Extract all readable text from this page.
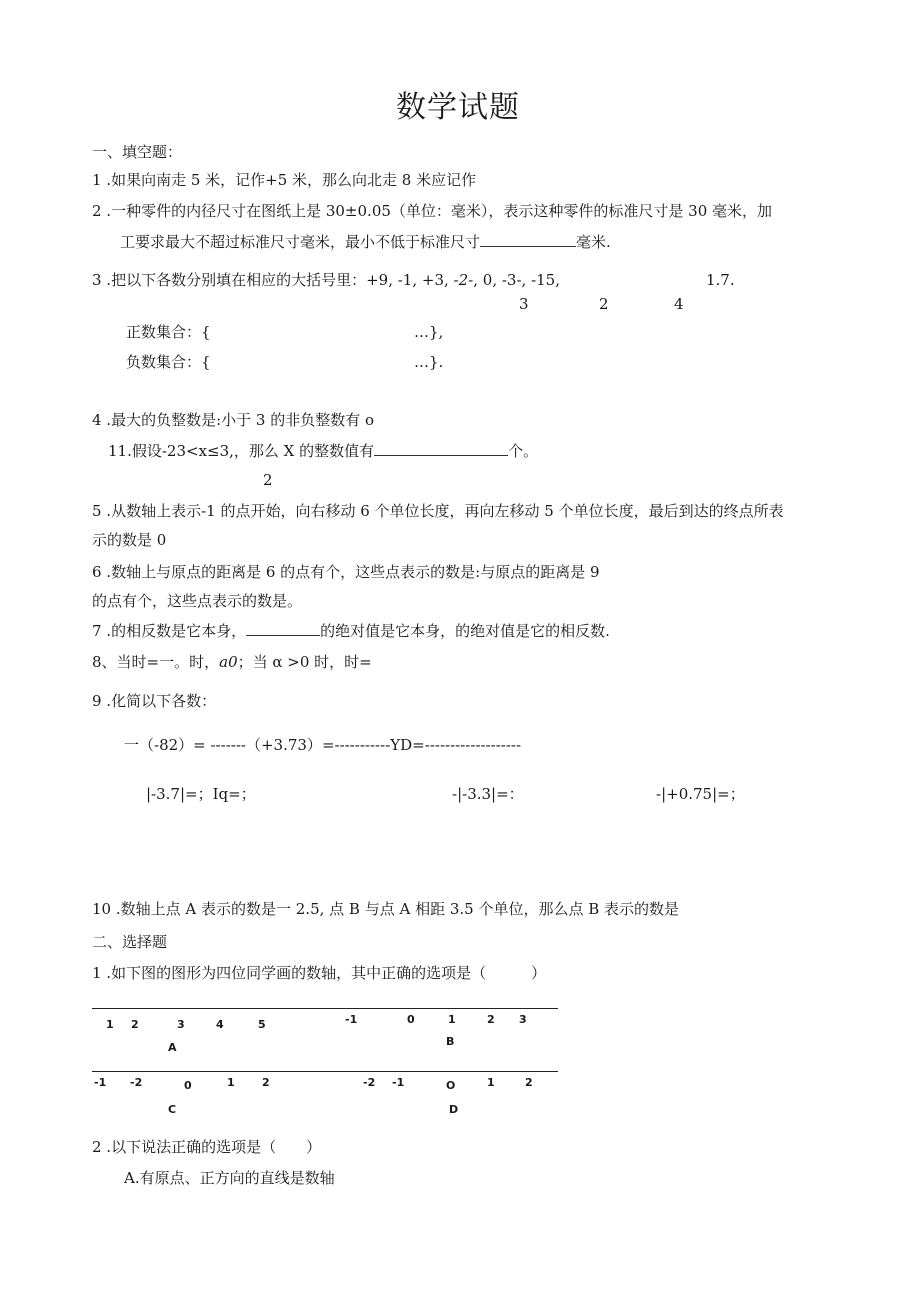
数学试题
一、填空题：
1 .如果向南走 5 米，记作+5 米，那么向北走 8 米应记作
2 .一种零件的内径尺寸在图纸上是 30±0.05（单位：毫米），表示这种零件的标准尺寸是 30 毫米，加
工要求最大不超过标准尺寸毫米，最小不低于标准尺寸	毫米.
3 .把以下各数分别填在相应的大括号里：+9, -1, +3, -2-, 0, -3-, -15,	1.7.
3	2	4
正数集合：{	…},
负数集合：{	…}.
4 .最大的负整数是:小于 3 的非负整数有 o
11.假设-23<x≤3,，那么 X 的整数值有	个。
2
5 .从数轴上表示-1 的点开始，向右移动 6 个单位长度，再向左移动 5 个单位长度，最后到达的终点所表
示的数是 0
6 .数轴上与原点的距离是 6 的点有个，这些点表示的数是:与原点的距离是 9
的点有个，这些点表示的数是。
7 .的相反数是它本身，	的绝对值是它本身，的绝对值是它的相反数.
8、当时=一。时，a0；当 α >0 时，时=
9 .化简以下各数：
一（-82）= -------（+3.73）=-----------YD=-------------------
|-3.7|=；Iq=；	-|-3.3|=：	-|+0.75|=；
10 .数轴上点 A 表示的数是一 2.5, 点 B 与点 A 相距 3.5 个单位，那么点 B 表示的数是
二、选择题
1 .如下图的图形为四位同学画的数轴，其中正确的选项是（　　　）
1 2	3	4	5
A
-1	0	1	2 3
B
-1 -2	0	1 2
C
-2 -1	O	1	2
D
2 .以下说法正确的选项是（　　）
A.有原点、正方向的直线是数轴
